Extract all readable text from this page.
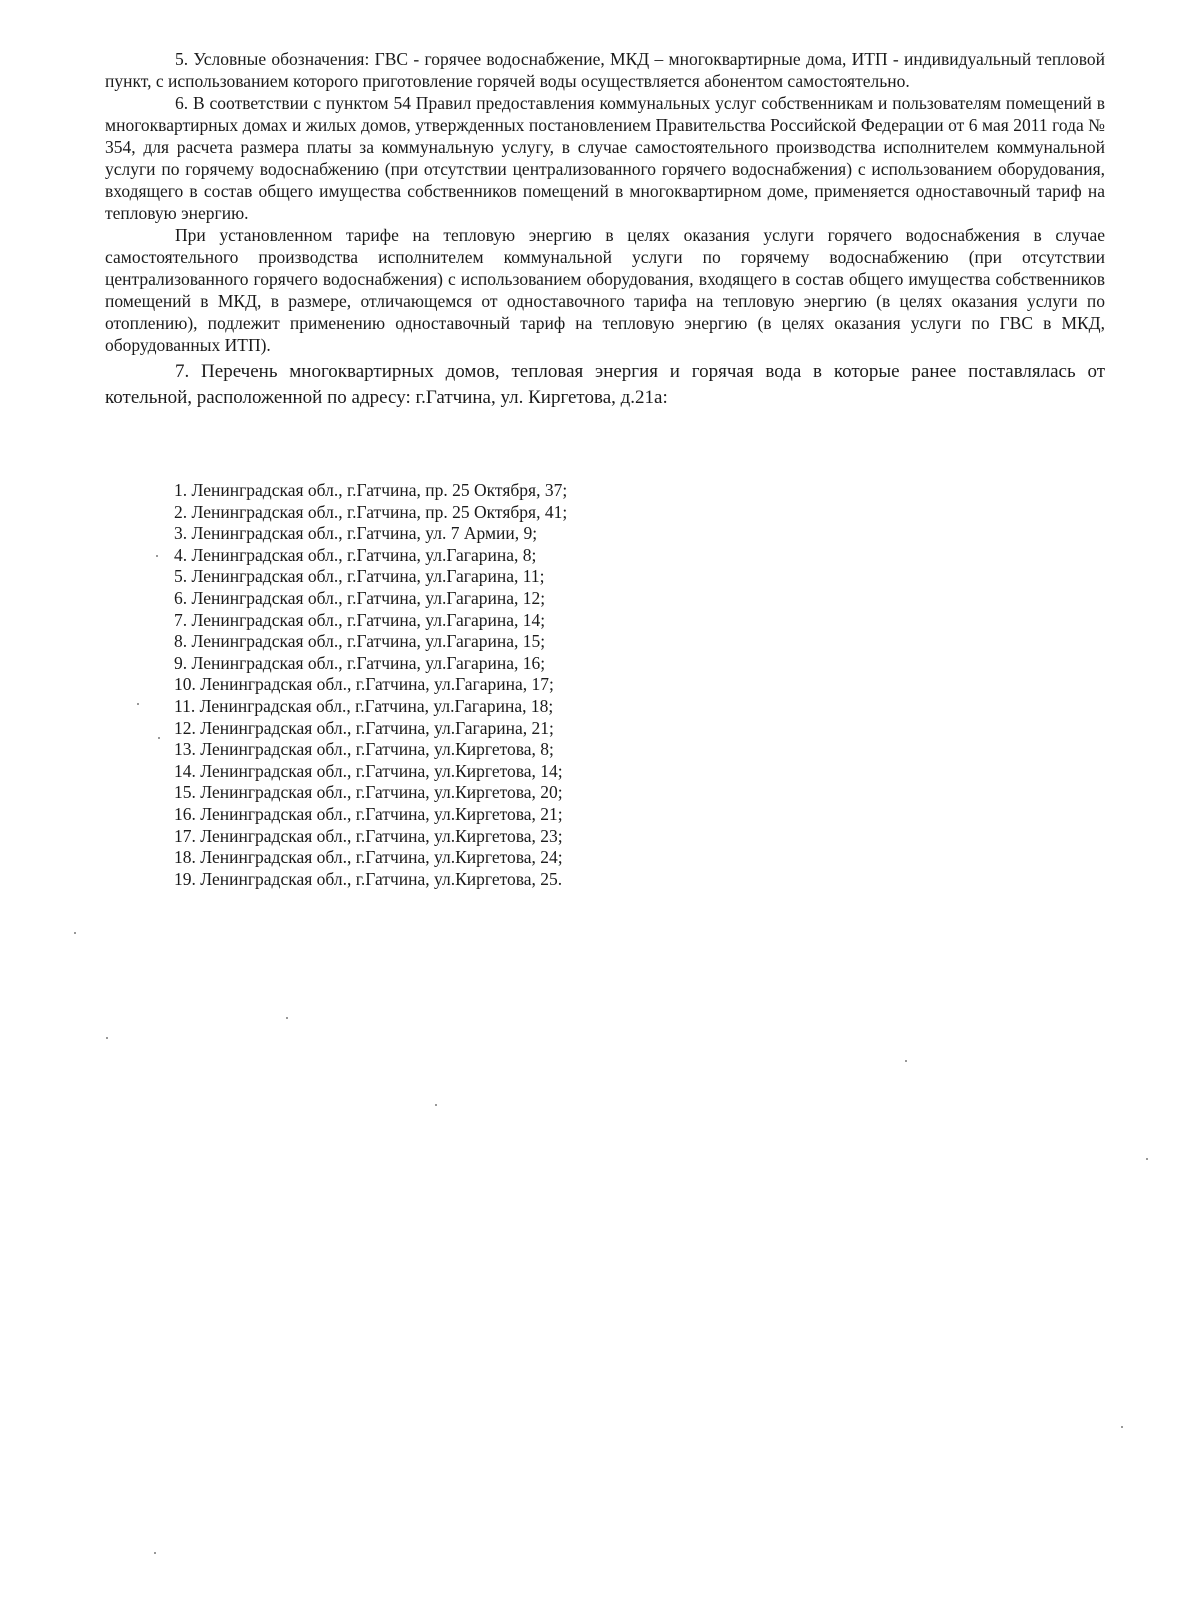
5. Условные обозначения: ГВС - горячее водоснабжение, МКД – многоквартирные дома, ИТП - индивидуальный тепловой пункт, с использованием которого приготовление горячей воды осуществляется абонентом самостоятельно.

6. В соответствии с пунктом 54 Правил предоставления коммунальных услуг собственникам и пользователям помещений в многоквартирных домах и жилых домов, утвержденных постановлением Правительства Российской Федерации от 6 мая 2011 года № 354, для расчета размера платы за коммунальную услугу, в случае самостоятельного производства исполнителем коммунальной услуги по горячему водоснабжению (при отсутствии централизованного горячего водоснабжения) с использованием оборудования, входящего в состав общего имущества собственников помещений в многоквартирном доме, применяется одноставочный тариф на тепловую энергию.

При установленном тарифе на тепловую энергию в целях оказания услуги горячего водоснабжения в случае самостоятельного производства исполнителем коммунальной услуги по горячему водоснабжению (при отсутствии централизованного горячего водоснабжения) с использованием оборудования, входящего в состав общего имущества собственников помещений в МКД, в размере, отличающемся от одноставочного тарифа на тепловую энергию (в целях оказания услуги по отоплению), подлежит применению одноставочный тариф на тепловую энергию (в целях оказания услуги по ГВС в МКД, оборудованных ИТП).

7. Перечень многоквартирных домов, тепловая энергия и горячая вода в которые ранее поставлялась от котельной, расположенной по адресу: г.Гатчина, ул. Киргетова, д.21а:

1. Ленинградская обл., г.Гатчина, пр. 25 Октября, 37;
2. Ленинградская обл., г.Гатчина, пр. 25 Октября, 41;
3. Ленинградская обл., г.Гатчина, ул. 7 Армии, 9;
4. Ленинградская обл., г.Гатчина, ул.Гагарина, 8;
5. Ленинградская обл., г.Гатчина, ул.Гагарина, 11;
6. Ленинградская обл., г.Гатчина, ул.Гагарина, 12;
7. Ленинградская обл., г.Гатчина, ул.Гагарина, 14;
8. Ленинградская обл., г.Гатчина, ул.Гагарина, 15;
9. Ленинградская обл., г.Гатчина, ул.Гагарина, 16;
10. Ленинградская обл., г.Гатчина, ул.Гагарина, 17;
11. Ленинградская обл., г.Гатчина, ул.Гагарина, 18;
12. Ленинградская обл., г.Гатчина, ул.Гагарина, 21;
13. Ленинградская обл., г.Гатчина, ул.Киргетова, 8;
14. Ленинградская обл., г.Гатчина, ул.Киргетова, 14;
15. Ленинградская обл., г.Гатчина, ул.Киргетова, 20;
16. Ленинградская обл., г.Гатчина, ул.Киргетова, 21;
17. Ленинградская обл., г.Гатчина, ул.Киргетова, 23;
18. Ленинградская обл., г.Гатчина, ул.Киргетова, 24;
19. Ленинградская обл., г.Гатчина, ул.Киргетова, 25.
